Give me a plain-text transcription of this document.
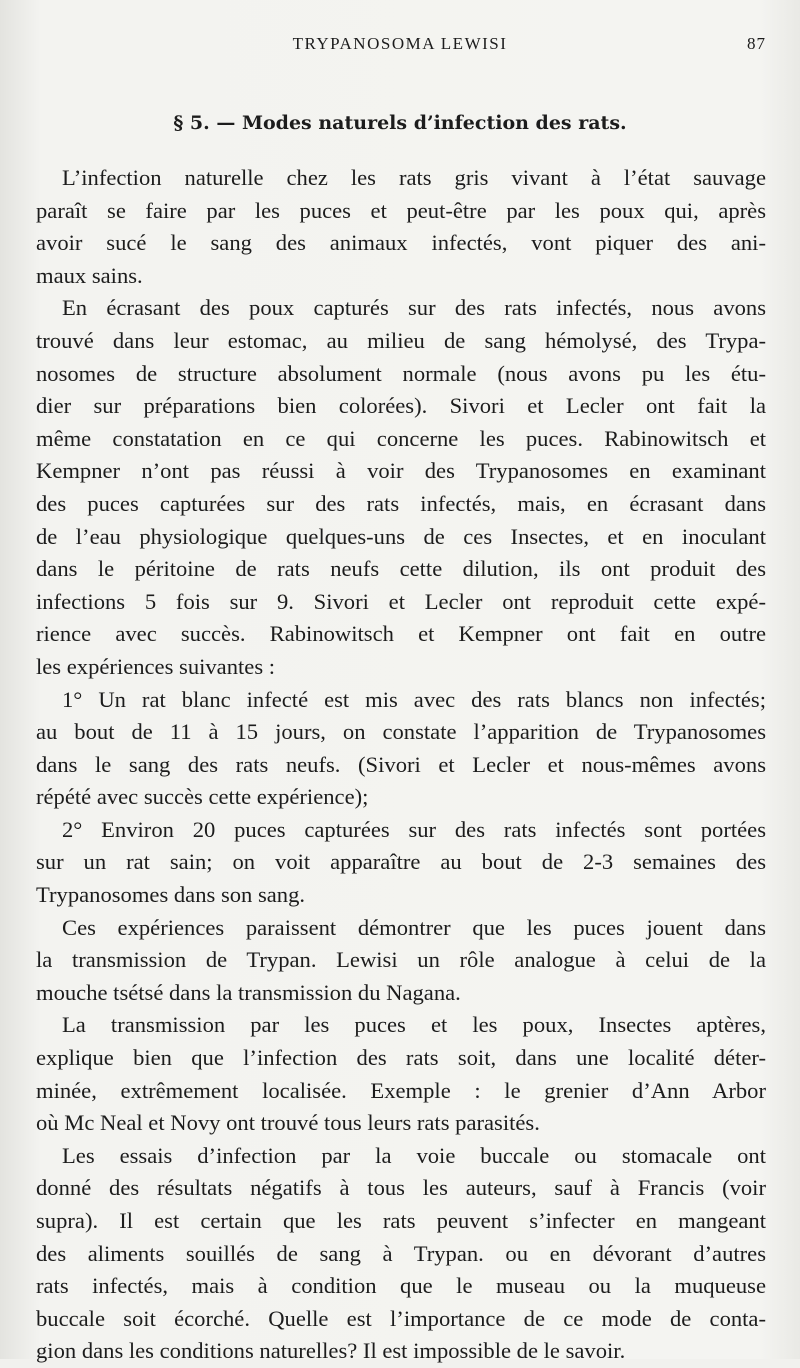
TRYPANOSOMA LEWISI	87
§ 5. — Modes naturels d’infection des rats.

L’infection naturelle chez les rats gris vivant à l’état sauvage
paraît se faire par les puces et peut-être par les poux qui, après
avoir sucé le sang des animaux infectés, vont piquer des ani-
maux sains.

En écrasant des poux capturés sur des rats infectés, nous avons
trouvé dans leur estomac, au milieu de sang hémolysé, des Trypa-
nosomes de structure absolument normale (nous avons pu les étu-
dier sur préparations bien colorées). Sivori et Lecler ont fait la
même constatation en ce qui concerne les puces. Rabinowitsch et
Kempner n’ont pas réussi à voir des Trypanosomes en examinant
des puces capturées sur des rats infectés, mais, en écrasant dans
de l’eau physiologique quelques-uns de ces Insectes, et en inoculant
dans le péritoine de rats neufs cette dilution, ils ont produit des
infections 5 fois sur 9. Sivori et Lecler ont reproduit cette expé-
rience avec succès. Rabinowitsch et Kempner ont fait en outre
les expériences suivantes :

1° Un rat blanc infecté est mis avec des rats blancs non infectés;
au bout de 11 à 15 jours, on constate l’apparition de Trypanosomes
dans le sang des rats neufs. (Sivori et Lecler et nous-mêmes avons
répété avec succès cette expérience);

2° Environ 20 puces capturées sur des rats infectés sont portées
sur un rat sain; on voit apparaître au bout de 2-3 semaines des
Trypanosomes dans son sang.

Ces expériences paraissent démontrer que les puces jouent dans
la transmission de Trypan. Lewisi un rôle analogue à celui de la
mouche tsétsé dans la transmission du Nagana.

La transmission par les puces et les poux, Insectes aptères,
explique bien que l’infection des rats soit, dans une localité déter-
minée, extrêmement localisée. Exemple : le grenier d’Ann Arbor
où Mc Neal et Novy ont trouvé tous leurs rats parasités.

Les essais d’infection par la voie buccale ou stomacale ont
donné des résultats négatifs à tous les auteurs, sauf à Francis (voir
supra). Il est certain que les rats peuvent s’infecter en mangeant
des aliments souillés de sang à Trypan. ou en dévorant d’autres
rats infectés, mais à condition que le museau ou la muqueuse
buccale soit écorché. Quelle est l’importance de ce mode de conta-
gion dans les conditions naturelles? Il est impossible de le savoir.
